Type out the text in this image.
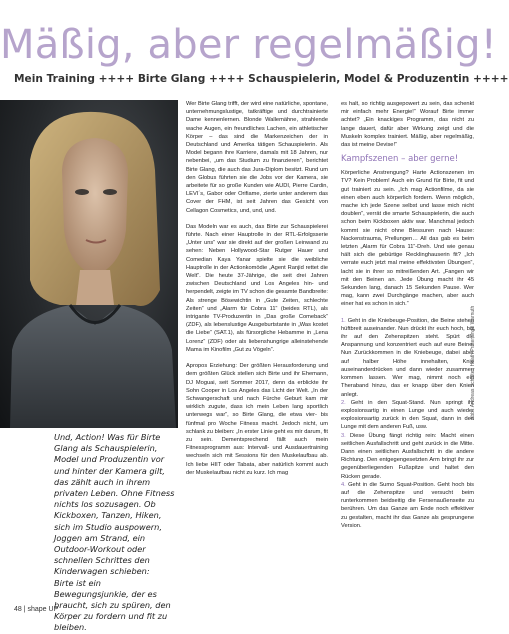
Mäßig, aber regelmäßig!
Mein Training ++++ Birte Glang ++++ Schauspielerin, Model & Produzentin ++++

Und, Action! Was für Birte Glang als Schauspielerin, Model und Produzentin vor und hinter der Kamera gilt, das zählt auch in ihrem privaten Leben. Ohne Fitness nichts los sozusagen. Ob Kickboxen, Tanzen, Hiken, sich im Studio auspowern, Joggen am Strand, ein Outdoor-Workout oder schnellen Schrittes den Kinderwagen schieben:

Birte ist ein Bewegungsjunkie, der es braucht, sich zu spüren, den Körper zu fordern und fit zu bleiben.

Wer Birte Glang trifft, der wird eine natürliche, spontane, unternehmungslustige, tatkräftige und durchtrainierte Dame kennenlernen. Blonde Wallemähne, strahlende wache Augen, ein freundliches Lachen, ein athletischer Körper – das sind die Markenzeichen der in Deutschland und Amerika tätigen Schauspielerin. Als Model begann ihre Karriere, damals mit 18 Jahren, nur nebenbei, „um das Studium zu finanzieren“, berichtet Birte Glang, die auch das Jura-Diplom besitzt. Rund um den Globus führten sie die Jobs vor der Kamera, sie arbeitete für so große Kunden wie AUDI, Pierre Cardin, LEVI´s, Gabor oder Orifiame, zierte unter anderem das Cover der FHM, ist seit Jahren das Gesicht von Cellagon Cosmetics, und, und, und.

Das Modeln war es auch, das Birte zur Schauspielerei führte. Nach einer Hauptrolle in der RTL-Erfolgsserie „Unter uns“ war sie direkt auf der großen Leinwand zu sehen: Neben Hollywood-Star Rutger Hauer und Comedian Kaya Yanar spielte sie die weibliche Hauptrolle in der Actionkomödie „Agent Ranjid rettet die Welt“. Die heute 37-Jährige, die seit drei Jahren zwischen Deutschland und Los Angeles hin- und herpendelt, zeigte im TV schon die gesamte Bandbreite: Als strenge Bösewichtin in „Gute Zeiten, schlechte Zeiten“ und „Alarm für Cobra 11“ (beides RTL), als intrigante TV-Produzentin in „Das große Comeback“ (ZDF), als lebenslustige Ausgeburtstante in „Was kostet die Liebe“ (SAT.1), als fürsorgliche Hebamme in „Lena Lorenz“ (ZDF) oder als liebenshungrige alleinstehende Mama im Kinofilm „Gut zu Vögeln“.

Apropos Erziehung: Der größten Herausforderung und dem größten Glück stellen sich Birte und ihr Ehemann, DJ Moguai, seit Sommer 2017, denn da erblickte ihr Sohn Cooper in Los Angeles das Licht der Welt. „In der Schwangerschaft und nach Fürche Geburt kam mir wirklich zugute, dass ich mein Leben lang sportlich unterwegs war“, so Birte Glang, die etwa vier- bis fünfmal pro Woche Fitness macht. Jedoch nicht, um schlank zu bleiben: „In erster Linie geht es mir darum, fit zu sein. Dementsprechend fällt auch mein Fitnessprogramm aus: Intervall- und Ausdauertraining wechseln sich mit Sessions für den Muskelaufbau ab. Ich liebe HIIT oder Tabata, aber natürlich kommt auch der Muskelaufbau nicht zu kurz. Ich mag

es halt, so richtig ausgepowert zu sein, das schenkt mir einfach mehr Energie!“ Worauf Birte immer achtet? „Ein knackiges Programm, das nicht zu lange dauert, dafür aber Wirkung zeigt und die Muskeln komplex trainiert. Mäßig, aber regelmäßig, das ist meine Devise!“

Kampfszenen – aber gerne!

Körperliche Anstrengung? Harte Actionszenen im TV? Kein Problem! Auch ein Grund für Birte, fit und gut trainiert zu sein. „Ich mag Actionfilme, da sie einen eben auch körperlich fordern. Wenn möglich, mache ich jede Szene selbst und lasse mich nicht doublen“, verrät die smarte Schauspielerin, die auch schon beim Kickboxen aktiv war. Manchmal jedoch kommt sie nicht ohne Blessuren nach Hause: Nackenstrauma, Prellungen… All das gab es beim letzten „Alarm für Cobra 11“-Dreh. Und wie genau hält sich die gebürtige Recklinghauserin fit? „Ich verrate euch jetzt mal meine effektivsten Übungen“, lacht sie in ihrer so mitreißenden Art. „Fangen wir mit den Beinen an. Jede Übung macht ihr 45 Sekunden lang, danach 15 Sekunden Pause. Wer mag, kann zwei Durchgänge machen, aber auch einer hat es schon in sich.“

1. Geht in die Kniebeuge-Position, die Beine stehen hüftbreit auseinander. Nun drückt ihr euch hoch, bis ihr auf den Zehenspitzen steht. Spürt die Anspannung und konzentriert euch auf eure Beine. Nun Zurückkommen in die Kniebeuge, dabei aber auf halber Höhe innehalten, Knie auseinanderdrücken und dann wieder zusammen kommen lassen. Wer mag, nimmt noch ein Theraband hinzu, das er knapp über den Knien anlegt.

2. Geht in den Squat-Stand. Nun springt ihr explosionsartig in einen Lunge und auch wieder explosionsartig zurück in den Squat, dann in den Lunge mit dem anderen Fuß, usw.

3. Diese Übung fängt richtig rein: Macht einen seitlichen Ausfallschritt und geht zurück in die Mitte. Dann einen seitlichen Ausfallschritt in die andere Richtung. Den entgegengesetzten Arm bringt ihr zur gegenüberliegenden Fußspitze und haltet den Rücken gerade.

4. Geht in die Sumo Squat-Position. Geht hoch bis auf die Zehenspitze und versucht beim runterkommen beidseitig die Fersenaußenseite zu berühren. Um das Ganze am Ende noch effektiver zu gestalten, macht ihr das Ganze als gesprungene Version.

Abb.: Andreas Schlüter, Heath Prater, Inge Warnuth
48 | shape UP
